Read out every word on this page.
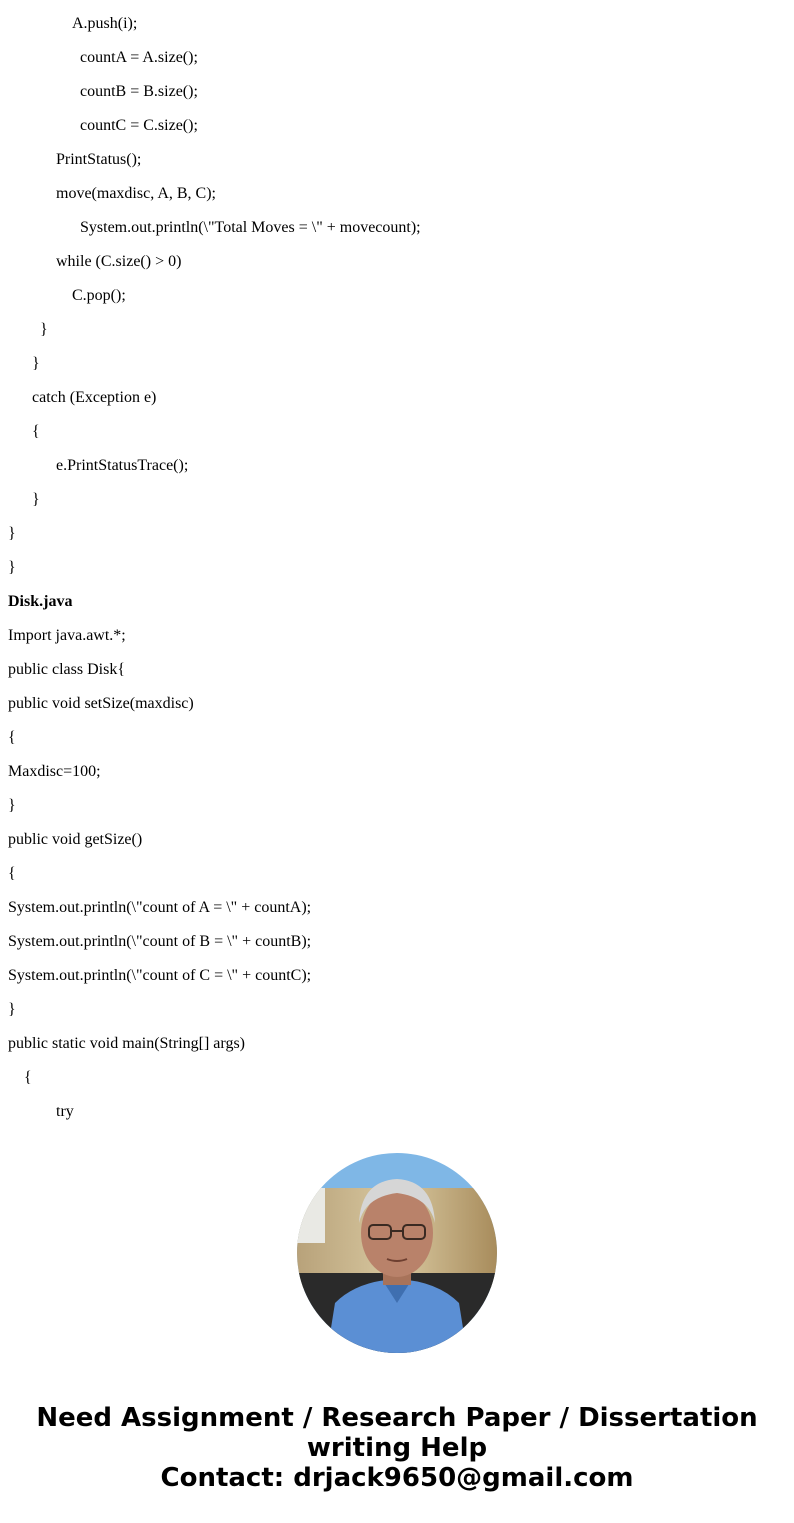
A.push(i);
countA = A.size();
countB = B.size();
countC = C.size();
PrintStatus();
move(maxdisc, A, B, C);
System.out.println(\"Total Moves = \" + movecount);
while (C.size() > 0)
C.pop();
}
}
catch (Exception e)
{
e.PrintStatusTrace();
}
}
}
Disk.java
Import java.awt.*;
public class Disk{
public void setSize(maxdisc)
{
Maxdisc=100;
}
public void getSize()
{
System.out.println(\"count of A = \" + countA);
System.out.println(\"count of B = \" + countB);
System.out.println(\"count of C = \" + countC);
}
public static void main(String[] args)
{
try
Need Assignment / Research Paper / Dissertation
writing Help
Contact: drjack9650@gmail.com
